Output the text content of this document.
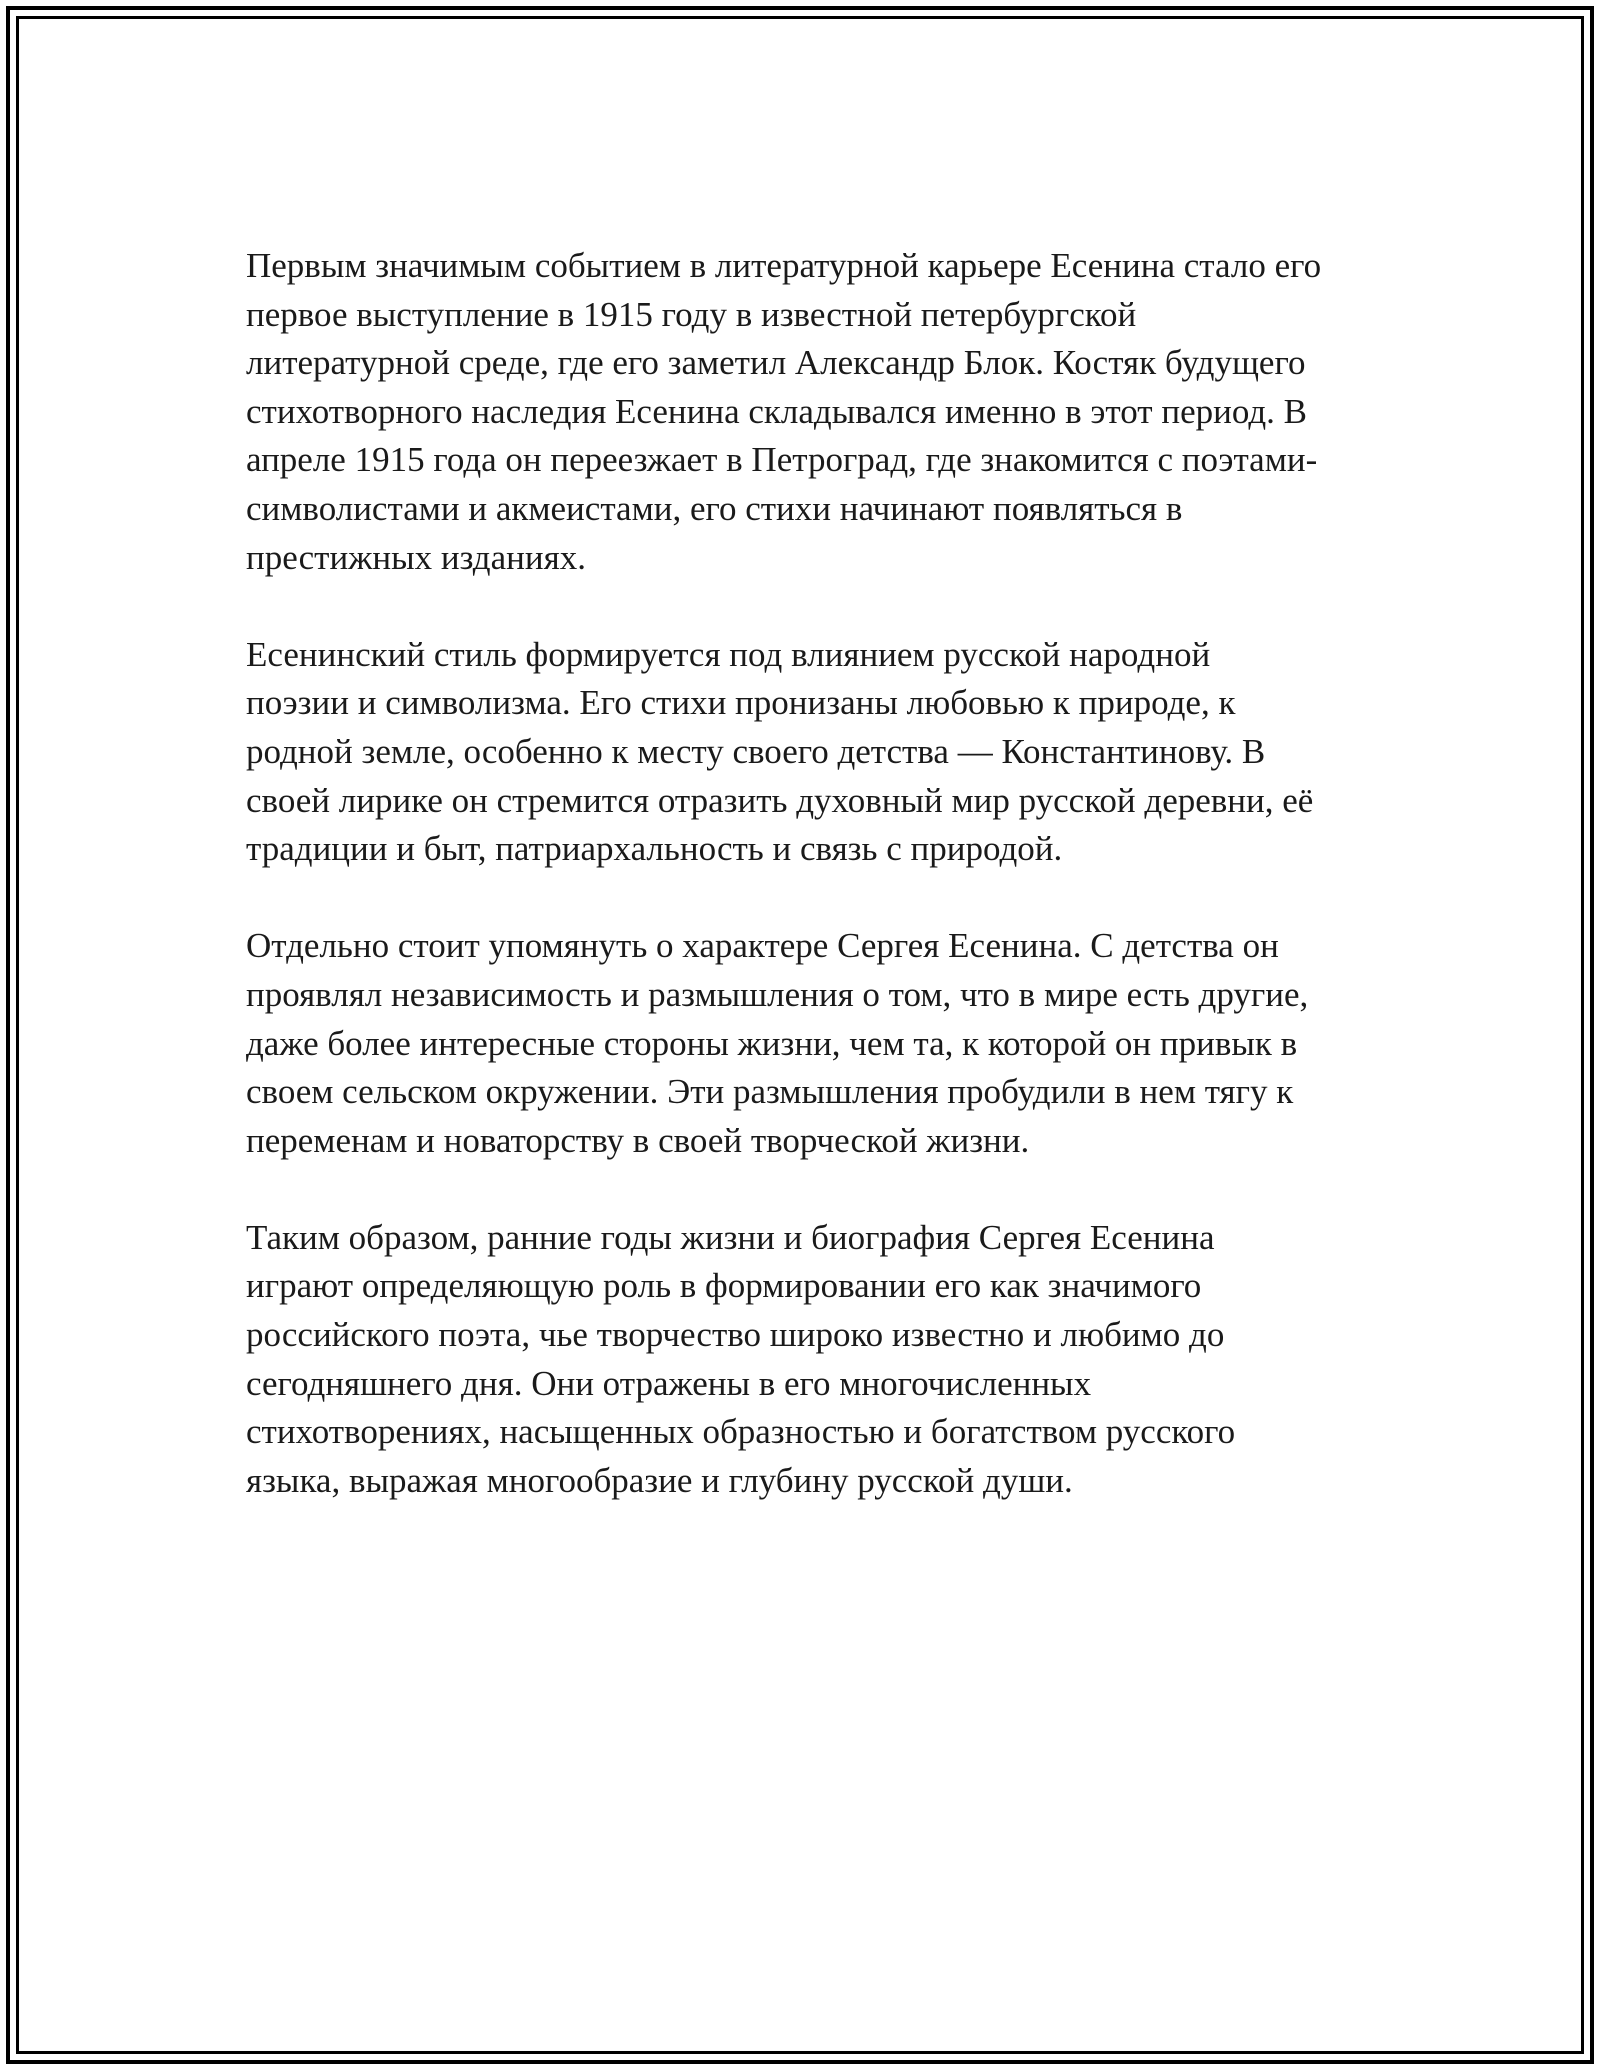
Первым значимым событием в литературной карьере Есенина стало его
первое выступление в 1915 году в известной петербургской
литературной среде, где его заметил Александр Блок. Костяк будущего
стихотворного наследия Есенина складывался именно в этот период. В
апреле 1915 года он переезжает в Петроград, где знакомится с поэтами-
символистами и акмеистами, его стихи начинают появляться в
престижных изданиях.

Есенинский стиль формируется под влиянием русской народной
поэзии и символизма. Его стихи пронизаны любовью к природе, к
родной земле, особенно к месту своего детства — Константинову. В
своей лирике он стремится отразить духовный мир русской деревни, её
традиции и быт, патриархальность и связь с природой.

Отдельно стоит упомянуть о характере Сергея Есенина. С детства он
проявлял независимость и размышления о том, что в мире есть другие,
даже более интересные стороны жизни, чем та, к которой он привык в
своем сельском окружении. Эти размышления пробудили в нем тягу к
переменам и новаторству в своей творческой жизни.

Таким образом, ранние годы жизни и биография Сергея Есенина
играют определяющую роль в формировании его как значимого
российского поэта, чье творчество широко известно и любимо до
сегодняшнего дня. Они отражены в его многочисленных
стихотворениях, насыщенных образностью и богатством русского
языка, выражая многообразие и глубину русской души.
